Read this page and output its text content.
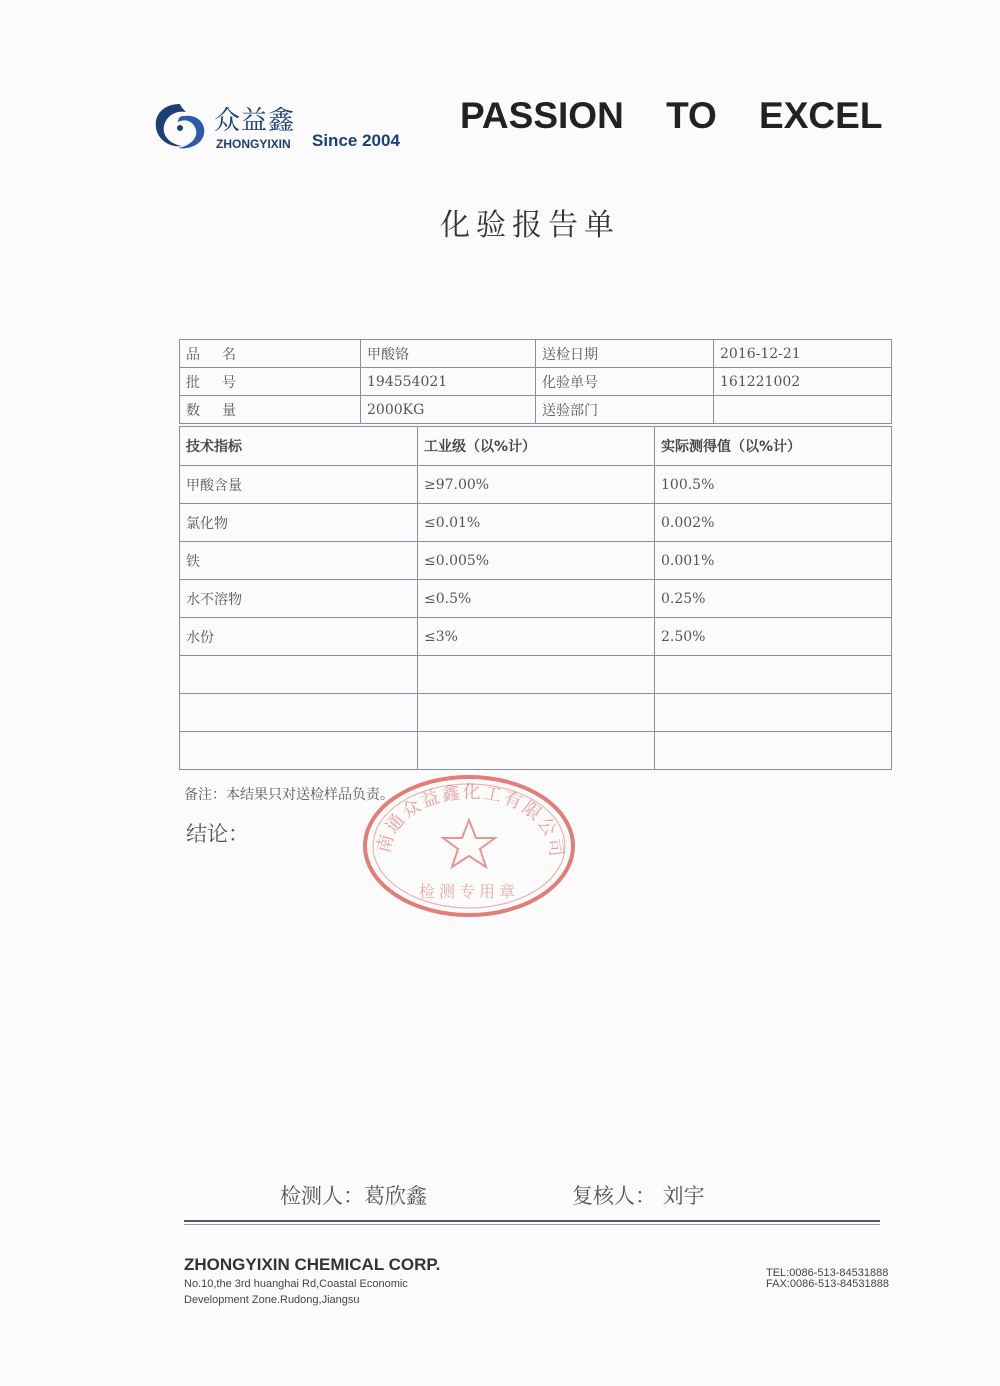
众益鑫
ZHONGYIXIN Since 2004
PASSION TO EXCEL
化验报告单
品名	甲酸铬	送检日期	2016-12-21
批号	194554021	化验单号	161221002
数量	2000KG	送验部门	
技术指标	工业级（以%计）	实际测得值（以%计）
甲酸含量	≥97.00%	100.5%
氯化物	≤0.01%	0.002%
铁	≤0.005%	0.001%
水不溶物	≤0.5%	0.25%
水份	≤3%	2.50%

备注：本结果只对送检样品负责。
结论：	南通众益鑫化工有限公司
检测专用章
检测人：葛欣鑫	复核人： 刘宇
ZHONGYIXIN CHEMICAL CORP.
No.10,the 3rd huanghai Rd,Coastal Economic
Development Zone.Rudong,Jiangsu
TEL:0086-513-84531888
FAX:0086-513-84531888
